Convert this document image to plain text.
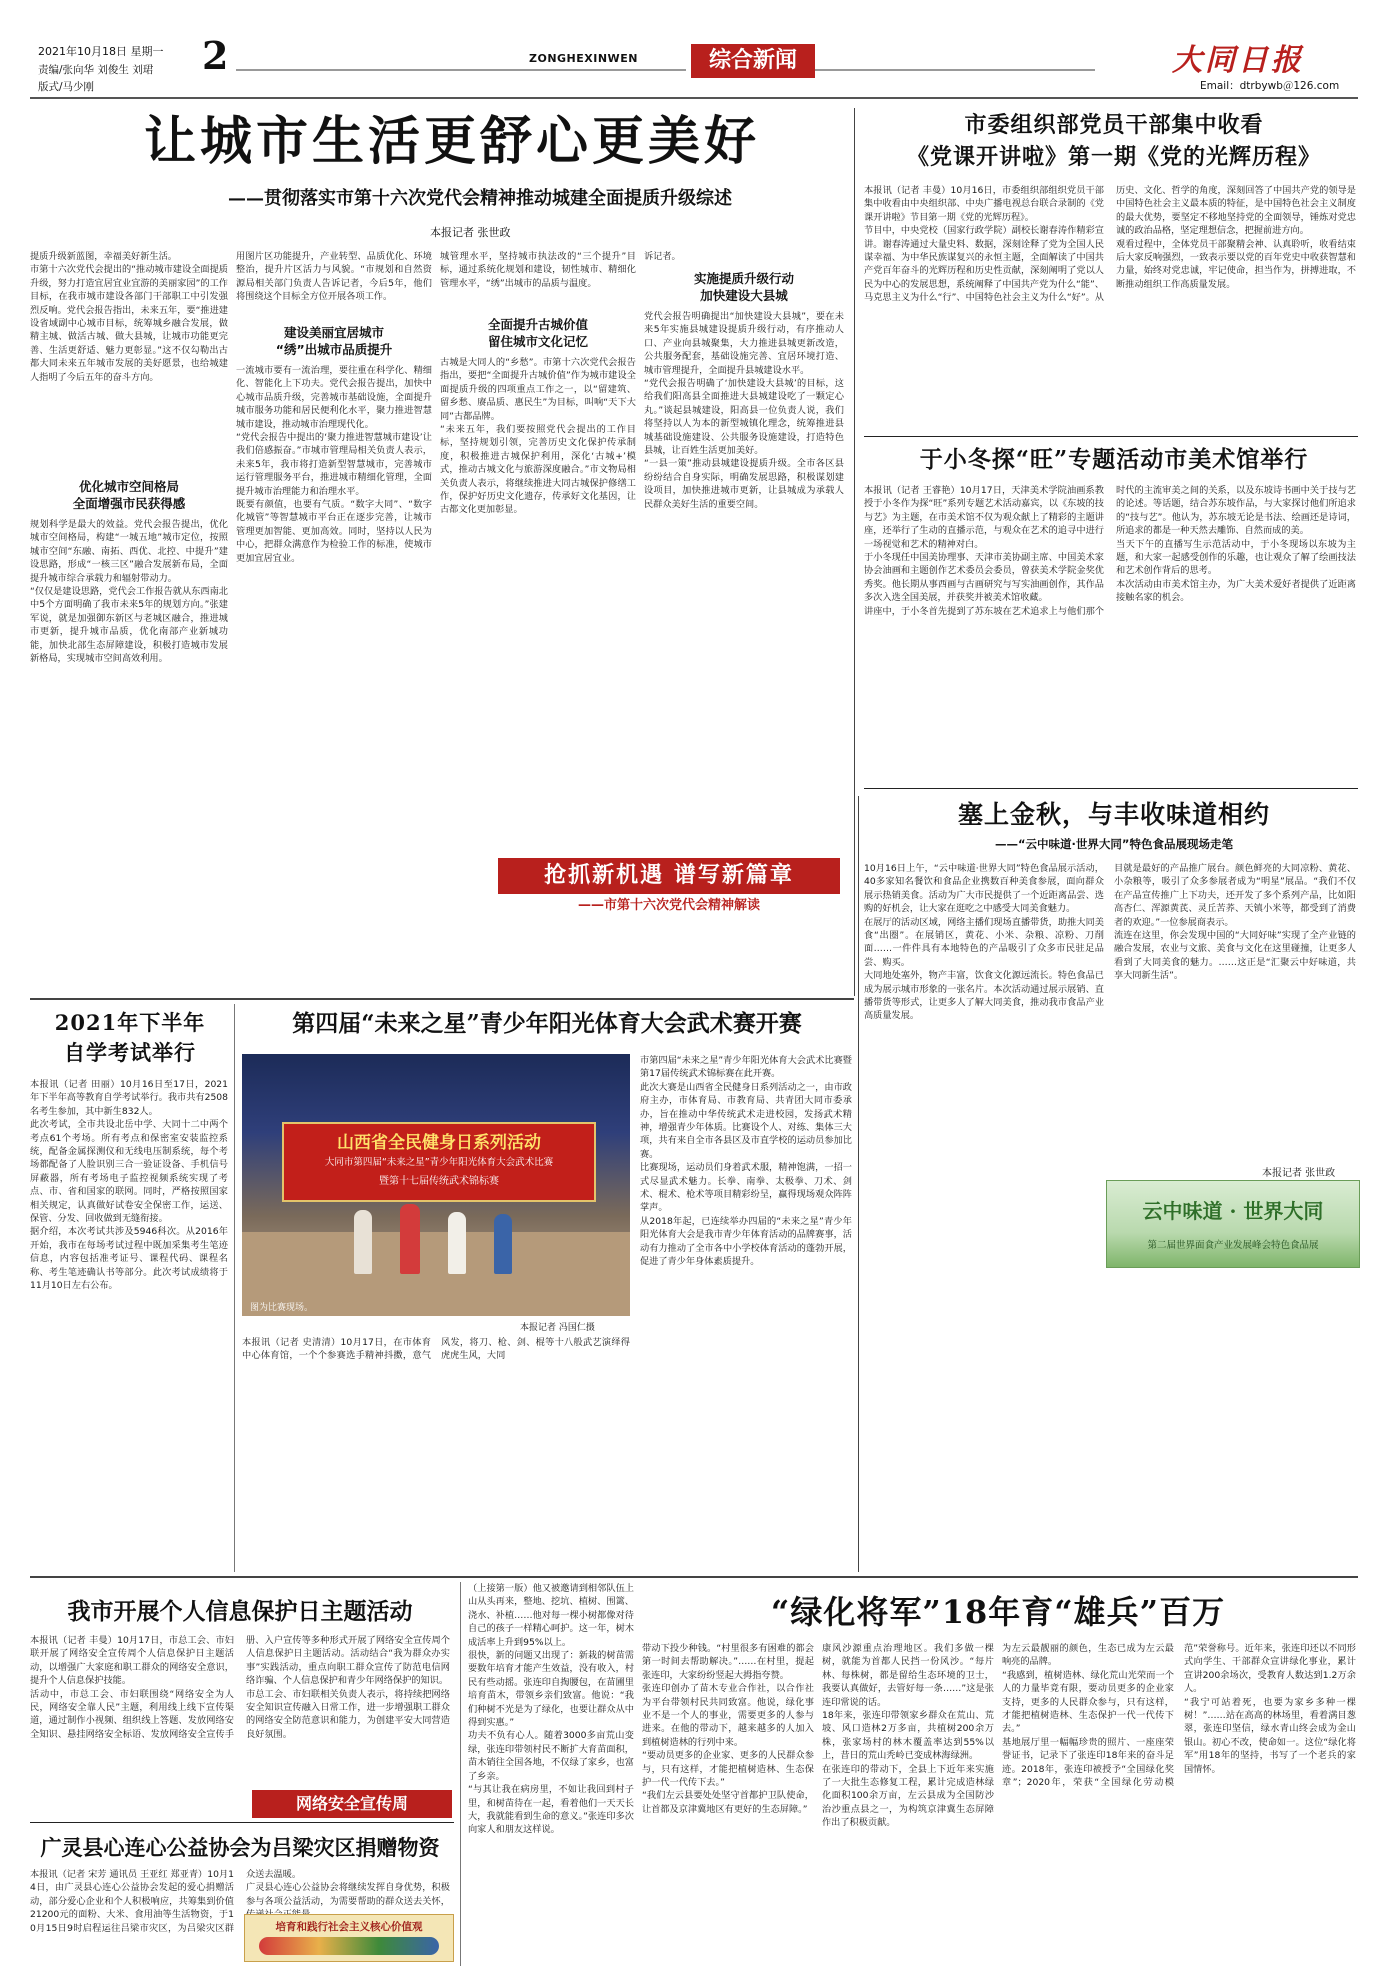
2021年10月18日 星期一
责编/张向华 刘俊生 刘珺
版式/马少刚
2	ZONGHEXINWEN	综合新闻	大同日报
Email：dtrbywb＠126.com
让城市生活更舒心更美好
——贯彻落实市第十六次党代会精神推动城建全面提质升级综述
本报记者 张世政
提质升级新蓝图，幸福美好新生活。
市第十六次党代会提出的“推动城市建设全面提质升级，努力打造宜居宜业宜游的美丽家园”的工作目标，在我市城市建设各部门干部职工中引发强烈反响。党代会报告指出，未来五年，要“推进建设省域副中心城市目标，统筹城乡融合发展，做精主城、做活古城、做大县城，让城市功能更完善、生活更舒适、魅力更彰显。”这不仅勾勒出古都大同未来五年城市发展的美好愿景，也给城建人指明了今后五年的奋斗方向。
优化城市空间格局
全面增强市民获得感
规划科学是最大的效益。党代会报告提出，优化城市空间格局，构建“一城五地”城市定位，按照城市空间“东融、南拓、西优、北控、中提升”建设思路，形成“一核三区”融合发展新布局，全面提升城市综合承载力和辐射带动力。
“仅仅是建设思路，党代会工作报告就从东西南北中5个方面明确了我市未来5年的规划方向。”张建军说，就是加强御东新区与老城区融合，推进城市更新，提升城市品质，优化南部产业新城功能，加快北部生态屏障建设，积极打造城市发展新格局，实现城市空间高效利用。
用图片区功能提升，产业转型、品质优化、环境整治，提升片区活力与风貌。“市规划和自然资源局相关部门负责人告诉记者，今后5年，他们将围绕这个目标全方位开展各项工作。
建设美丽宜居城市
“绣”出城市品质提升
一流城市要有一流治理，要往重在科学化、精细化、智能化上下功夫。党代会报告提出，加快中心城市品质升级，完善城市基础设施，全面提升城市服务功能和居民便利化水平，聚力推进智慧城市建设，推动城市治理现代化。
“党代会报告中提出的‘聚力推进智慧城市建设’让我们倍感振奋。”市城市管理局相关负责人表示，未来5年，我市将打造新型智慧城市，完善城市运行管理服务平台，推进城市精细化管理，全面提升城市治理能力和治理水平。
既要有颜值，也要有气质。“数字大同”、“数字化城管”等智慧城市平台正在逐步完善，让城市管理更加智能、更加高效。同时，坚持以人民为中心，把群众满意作为检验工作的标准，使城市更加宜居宜业。
城管理水平，坚持城市执法改的“三个提升”目标，通过系统化规划和建设，韧性城市、精细化管理水平，“绣”出城市的品质与温度。
全面提升古城价值
留住城市文化记忆
古城是大同人的“乡愁”。市第十六次党代会报告指出，要把“全面提升古城价值”作为城市建设全面提质升级的四项重点工作之一，以“留建筑、留乡愁、赓品质、惠民生”为目标，叫响“天下大同”古都品牌。
“未来五年，我们要按照党代会提出的工作目标，坚持规划引领，完善历史文化保护传承制度，积极推进古城保护利用，深化‘古城+’模式，推动古城文化与旅游深度融合。”市文物局相关负责人表示，将继续推进大同古城保护修缮工作，保护好历史文化遗存，传承好文化基因，让古都文化更加彰显。
诉记者。
实施提质升级行动
加快建设大县城
党代会报告明确提出“加快建设大县城”，要在未来5年实施县城建设提质升级行动，有序推动人口、产业向县城聚集，大力推进县城更新改造，公共服务配套，基础设施完善、宜居环境打造、城市管理提升，全面提升县城建设水平。
“党代会报告明确了‘加快建设大县城’的目标，这给我们阳高县全面推进大县城建设吃了一颗定心丸。”谈起县城建设，阳高县一位负责人说，我们将坚持以人为本的新型城镇化理念，统筹推进县城基础设施建设、公共服务设施建设，打造特色县城，让百姓生活更加美好。
“一县一策”推动县城建设提质升级。全市各区县纷纷结合自身实际，明确发展思路，积极谋划建设项目，加快推进城市更新，让县城成为承载人民群众美好生活的重要空间。
抢抓新机遇 谱写新篇章
——市第十六次党代会精神解读
市委组织部党员干部集中收看
《党课开讲啦》第一期《党的光辉历程》
本报讯（记者 丰曼）10月16日，市委组织部组织党员干部集中收看由中央组织部、中央广播电视总台联合录制的《党课开讲啦》节目第一期《党的光辉历程》。
节目中，中央党校（国家行政学院）副校长谢春涛作精彩宣讲。谢春涛通过大量史料、数据，深刻诠释了党为全国人民谋幸福、为中华民族谋复兴的永恒主题，全面解读了中国共产党百年奋斗的光辉历程和历史性贡献，深刻阐明了党以人民为中心的发展思想，系统阐释了中国共产党为什么“能”、马克思主义为什么“行”、中国特色社会主义为什么“好”。从历史、文化、哲学的角度，深刻回答了中国共产党的领导是中国特色社会主义最本质的特征，是中国特色社会主义制度的最大优势，要坚定不移地坚持党的全面领导，锤炼对党忠诚的政治品格，坚定理想信念，把握前进方向。
观看过程中，全体党员干部聚精会神、认真聆听，收看结束后大家反响强烈，一致表示要以党的百年党史中收获智慧和力量，始终对党忠诚，牢记使命，担当作为，拼搏进取，不断推动组织工作高质量发展。
于小冬探“旺”专题活动市美术馆举行
本报讯（记者 王睿艳）10月17日，天津美术学院油画系教授于小冬作为探“旺”系列专题艺术活动嘉宾，以《东坡的技与艺》为主题，在市美术馆不仅为观众献上了精彩的主题讲座，还举行了生动的直播示范，与观众在艺术的追寻中进行一场视觉和艺术的精神对白。
于小冬现任中国美协理事、天津市美协副主席、中国美术家协会油画和主题创作艺术委员会委员，曾获美术学院金奖优秀奖。他长期从事西画与古画研究与写实油画创作，其作品多次入选全国美展，并获奖并被美术馆收藏。
讲座中，于小冬首先提到了苏东坡在艺术追求上与他们那个时代的主流审美之间的关系，以及东坡诗书画中关于技与艺的论述。等话题，结合苏东坡作品，与大家探讨他们所追求的“技与艺”。他认为，苏东坡无论是书法、绘画还是诗词，所追求的都是一种天然去雕饰、自然而成的美。
当天下午的直播写生示范活动中，于小冬现场以东坡为主题，和大家一起感受创作的乐趣，也让观众了解了绘画技法和艺术创作背后的思考。
本次活动由市美术馆主办，为广大美术爱好者提供了近距离接触名家的机会。
塞上金秋，与丰收味道相约
——“云中味道·世界大同”特色食品展现场走笔
10月16日上午，“云中味道·世界大同”特色食品展示活动，40多家知名餐饮和食品企业携数百种美食参展，面向群众展示热销美食。活动为广大市民提供了一个近距离品尝、选购的好机会，让大家在逛吃之中感受大同美食魅力。
在展厅的活动区域，网络主播们现场直播带货，助推大同美食“出圈”。在展销区，黄花、小米、杂粮、凉粉、刀削面……一件件具有本地特色的产品吸引了众多市民驻足品尝、购买。
大同地处塞外，物产丰富，饮食文化源远流长。特色食品已成为展示城市形象的一张名片。本次活动通过展示展销、直播带货等形式，让更多人了解大同美食，推动我市食品产业高质量发展。
目就是最好的产品推广展台。颜色鲜亮的大同凉粉、黄花、小杂粮等，吸引了众多参展者成为“明星”展品。“我们不仅在产品宣传推广上下功夫，还开发了多个系列产品，比如阳高杏仁、浑源黄芪、灵丘苦荞、天镇小米等，都受到了消费者的欢迎。”一位参展商表示。
流连在这里，你会发现中国的“大同好味”实现了全产业链的融合发展，农业与文旅、美食与文化在这里碰撞，让更多人看到了大同美食的魅力。……这正是“汇聚云中好味道，共享大同新生活”。
本报记者 张世政
云中味道 · 世界大同
第二届世界面食产业发展峰会特色食品展
2021年下半年
自学考试举行
本报讯（记者 田丽）10月16日至17日，2021年下半年高等教育自学考试举行。我市共有2508名考生参加，其中新生832人。
此次考试，全市共设北岳中学、大同十二中两个考点61个考场。所有考点和保密室安装监控系统，配备金属探测仪和无线电压制系统，每个考场都配备了人脸识别三合一验证设备、手机信号屏蔽器，所有考场电子监控视频系统实现了考点、市、省和国家的联网。同时，严格按照国家相关规定，认真做好试卷安全保密工作，运送、保管、分发、回收做到无缝衔接。
据介绍，本次考试共涉及5946科次。从2016年开始，我市在每场考试过程中既加采集考生笔迹信息，内容包括准考证号、课程代码、课程名称、考生笔迹确认书等部分。此次考试成绩将于11月10日左右公布。
第四届“未来之星”青少年阳光体育大会武术赛开赛
山西省全民健身日系列活动
大同市第四届“未来之星”青少年阳光体育大会武术比赛
暨第十七届传统武术锦标赛
图为比赛现场。
本报记者 冯国仁摄
本报讯（记者 史清清）10月17日，在市体育中心体育馆，一个个参赛选手精神抖擞，意气风发，将刀、枪、剑、棍等十八般武艺演绎得虎虎生风，大同
市第四届“未来之星”青少年阳光体育大会武术比赛暨第17届传统武术锦标赛在此开赛。
此次大赛是山西省全民健身日系列活动之一，由市政府主办，市体育局、市教育局、共青团大同市委承办，旨在推动中华传统武术走进校园，发扬武术精神，增强青少年体质。比赛设个人、对练、集体三大项，共有来自全市各县区及市直学校的运动员参加比赛。
比赛现场，运动员们身着武术服，精神饱满，一招一式尽显武术魅力。长拳、南拳、太极拳、刀术、剑术、棍术、枪术等项目精彩纷呈，赢得现场观众阵阵掌声。
从2018年起，已连续举办四届的“未来之星”青少年阳光体育大会是我市青少年体育活动的品牌赛事，活动有力推动了全市各中小学校体育活动的蓬勃开展，促进了青少年身体素质提升。
我市开展个人信息保护日主题活动
本报讯（记者 丰曼）10月17日，市总工会、市妇联开展了网络安全宣传周个人信息保护日主题活动，以增强广大家庭和职工群众的网络安全意识，提升个人信息保护技能。
活动中，市总工会、市妇联围绕“网络安全为人民，网络安全靠人民”主题，利用线上线下宣传渠道，通过制作小视频、组织线上答题、发放网络安全知识、悬挂网络安全标语、发放网络安全宣传手册、入户宣传等多种形式开展了网络安全宣传周个人信息保护日主题活动。活动结合“我为群众办实事”实践活动，重点向职工群众宣传了防范电信网络诈骗、个人信息保护和青少年网络保护的知识。
市总工会、市妇联相关负责人表示，将持续把网络安全知识宣传融入日常工作，进一步增强职工群众的网络安全防范意识和能力，为创建平安大同营造良好氛围。
网络安全宣传周
广灵县心连心公益协会为吕梁灾区捐赠物资
本报讯（记者 宋芳 通讯员 王亚红 郑亚青）10月14日，由广灵县心连心公益协会发起的爱心捐赠活动，部分爱心企业和个人积极响应，共筹集到价值21200元的面粉、大米、食用油等生活物资，于10月15日9时启程运往吕梁市灾区，为吕梁灾区群众送去温暖。
广灵县心连心公益协会将继续发挥自身优势，积极参与各项公益活动，为需要帮助的群众送去关怀，
培育和践行社会主义核心价值观
“绿化将军”18年育“雄兵”百万
（上接第一版）他又被邀请到相邻队伍上山从头再来，整地、挖坑、植树、围篱、浇水、补植……他对每一棵小树都像对待自己的孩子一样精心呵护。这一年，树木成活率上升到95%以上。
很快，新的问题又出现了：新栽的树苗需要数年培育才能产生效益，没有收入，村民有些动摇。张连印自掏腰包，在苗圃里培育苗木，带领乡亲们致富。他说：“我们种树不光是为了绿化，也要让群众从中得到实惠。”
功夫不负有心人。随着3000多亩荒山变绿，张连印带领村民不断扩大育苗面积，苗木销往全国各地，不仅绿了家乡，也富了乡亲。
“与其让我在病房里，不如让我回到村子里，和树苗待在一起，看着他们一天天长大，我就能看到生命的意义。”张连印多次向家人和朋友这样说。
带动下投少种钱。“村里很多有困难的都会第一时间去帮助解决。”……在村里，提起张连印，大家纷纷竖起大拇指夸赞。
张连印创办了苗木专业合作社，以合作社为平台带领村民共同致富。他说，绿化事业不是一个人的事业，需要更多的人参与进来。在他的带动下，越来越多的人加入到植树造林的行列中来。
“要动员更多的企业家、更多的人民群众参与，只有这样，才能把植树造林、生态保护一代一代传下去。”
“我们左云县要处处坚守首都护卫队使命，让首都及京津冀地区有更好的生态屏障。”
康风沙源重点治理地区。我们多做一棵树，就能为首都人民挡一份风沙。“每片林、每株树，都是留给生态环境的卫士，我要认真做好，去管好每一条……”这是张连印常说的话。
18年来，张连印带领家乡群众在荒山、荒坡、风口造林2万多亩，共植树200余万株，张家场村的林木覆盖率达到55%以上，昔日的荒山秃岭已变成林海绿洲。
在张连印的带动下，全县上下近年来实施了一大批生态修复工程，累计完成造林绿化面积100余万亩，左云县成为全国防沙治沙重点县之一，为构筑京津冀生态屏障作出了积极贡献。
为左云最靓丽的颜色，生态已成为左云最响亮的品牌。
“我感到，植树造林、绿化荒山光荣而一个人的力量毕竟有限，要动员更多的企业家支持，更多的人民群众参与，只有这样，才能把植树造林、生态保护一代一代传下去。”
基地展厅里一幅幅珍贵的照片、一座座荣誉证书，记录下了张连印18年来的奋斗足迹。2018年，张连印被授予“全国绿化奖章”；2020年，荣获“全国绿化劳动模范”荣誉称号。近年来，张连印还以不同形式向学生、干部群众宣讲绿化事业，累计宣讲200余场次，受教育人数达到1.2万余人。
“我宁可站着死，也要为家乡多种一棵树！”……站在高高的林场里，看着满目葱翠，张连印坚信，绿水青山终会成为金山银山。初心不改，使命如一。这位“绿化将军”用18年的坚持，书写了一个老兵的家国情怀。
